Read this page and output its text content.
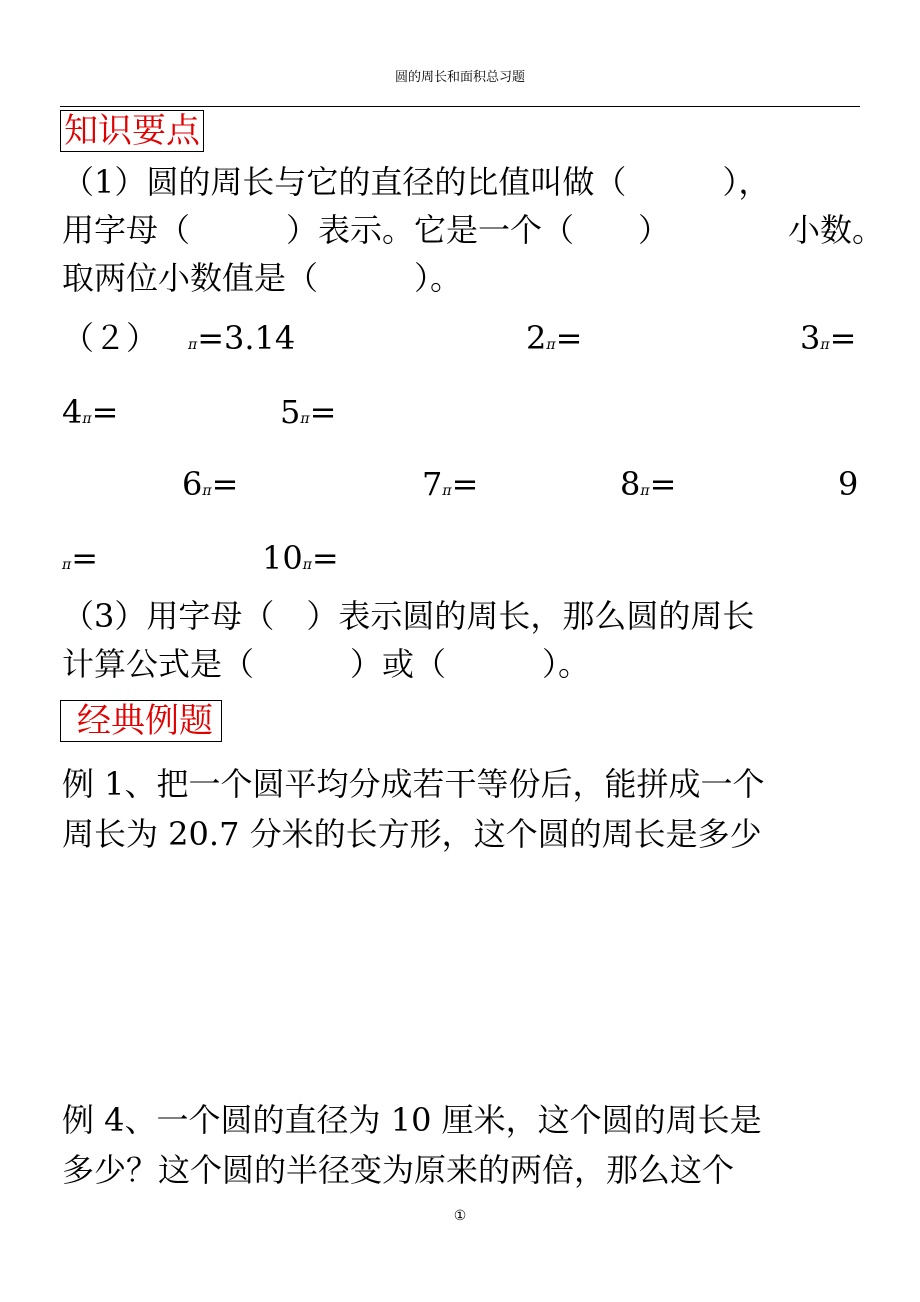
圆的周长和面积总习题
知识要点
（1）圆的周长与它的直径的比值叫做（　　　），
用字母（　　　）表示。它是一个（　　）	小数。
取两位小数值是（　　　）。
（２） π=3.14	2π=	3π=
4π=	5π=
6π=	7π=	8π=	9
π=	10π=
（3）用字母（　）表示圆的周长，那么圆的周长
计算公式是（　　　）或（　　　）。
经典例题
例 1、把一个圆平均分成若干等份后，能拼成一个
周长为 20.7 分米的长方形，这个圆的周长是多少
例 4、一个圆的直径为 10 厘米，这个圆的周长是
多少？这个圆的半径变为原来的两倍，那么这个
①
